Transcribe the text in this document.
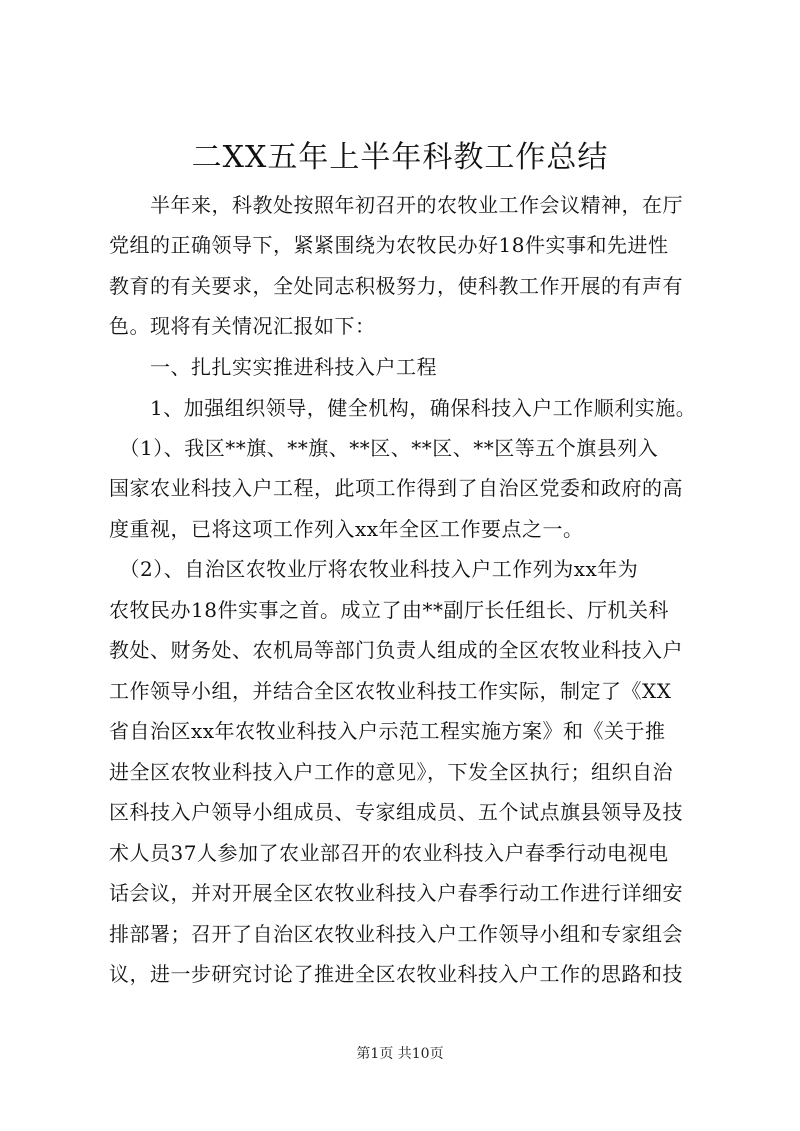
二XX五年上半年科教工作总结

　　半年来，科教处按照年初召开的农牧业工作会议精神，在厅

党组的正确领导下，紧紧围绕为农牧民办好18件实事和先进性

教育的有关要求，全处同志积极努力，使科教工作开展的有声有

色。现将有关情况汇报如下：

　　一、扎扎实实推进科技入户工程

　　1、加强组织领导，健全机构，确保科技入户工作顺利实施。

　（1）、我区**旗、**旗、**区、**区、**区等五个旗县列入

国家农业科技入户工程，此项工作得到了自治区党委和政府的高

度重视，已将这项工作列入xx年全区工作要点之一。

　（2）、自治区农牧业厅将农牧业科技入户工作列为xx年为

农牧民办18件实事之首。成立了由**副厅长任组长、厅机关科

教处、财务处、农机局等部门负责人组成的全区农牧业科技入户

工作领导小组，并结合全区农牧业科技工作实际，制定了《XX

省自治区xx年农牧业科技入户示范工程实施方案》和《关于推

进全区农牧业科技入户工作的意见》，下发全区执行；组织自治

区科技入户领导小组成员、专家组成员、五个试点旗县领导及技

术人员37人参加了农业部召开的农业科技入户春季行动电视电

话会议，并对开展全区农牧业科技入户春季行动工作进行详细安

排部署；召开了自治区农牧业科技入户工作领导小组和专家组会

议，进一步研究讨论了推进全区农牧业科技入户工作的思路和技

第1页 共10页
